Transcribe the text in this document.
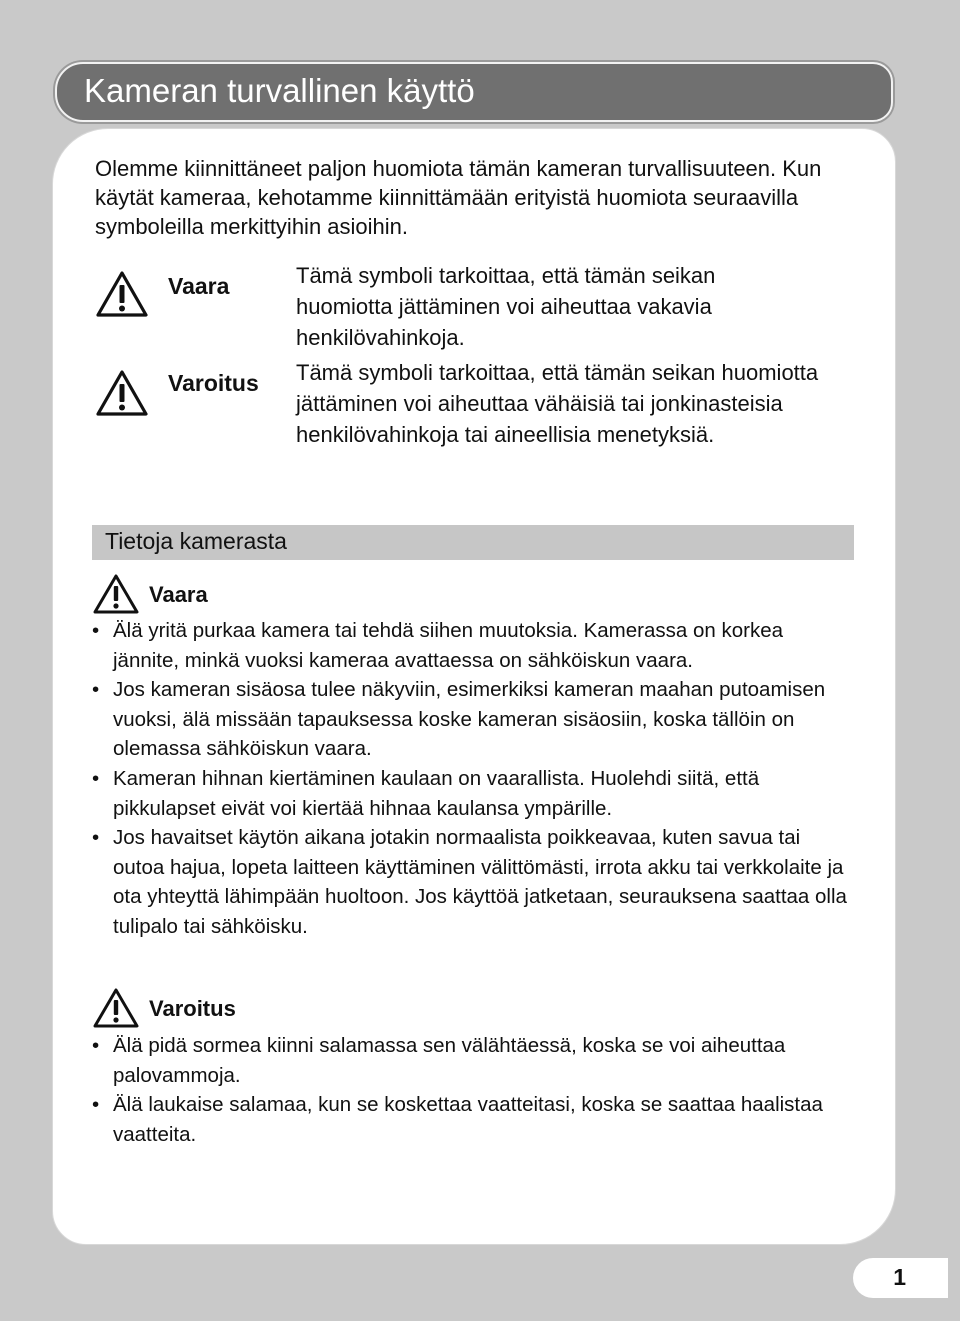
Kameran turvallinen käyttö

Olemme kiinnittäneet paljon huomiota tämän kameran turvallisuuteen. Kun käytät kameraa, kehotamme kiinnittämään erityistä huomiota seuraavilla symboleilla merkittyihin asioihin.

Vaara	Tämä symboli tarkoittaa, että tämän seikan huomiotta jättäminen voi aiheuttaa vakavia henkilövahinkoja.

Varoitus Tämä symboli tarkoittaa, että tämän seikan huomiotta jättäminen voi aiheuttaa vähäisiä tai jonkinasteisia henkilövahinkoja tai aineellisia menetyksiä.

Tietoja kamerasta
Vaara
• Älä yritä purkaa kamera tai tehdä siihen muutoksia. Kamerassa on korkea jännite, minkä vuoksi kameraa avattaessa on sähköiskun vaara.
• Jos kameran sisäosa tulee näkyviin, esimerkiksi kameran maahan putoamisen vuoksi, älä missään tapauksessa koske kameran sisäosiin, koska tällöin on olemassa sähköiskun vaara.
• Kameran hihnan kiertäminen kaulaan on vaarallista. Huolehdi siitä, että pikkulapset eivät voi kiertää hihnaa kaulansa ympärille.
• Jos havaitset käytön aikana jotakin normaalista poikkeavaa, kuten savua tai outoa hajua, lopeta laitteen käyttäminen välittömästi, irrota akku tai verkkolaite ja ota yhteyttä lähimpään huoltoon. Jos käyttöä jatketaan, seurauksena saattaa olla tulipalo tai sähköisku.
Varoitus
• Älä pidä sormea kiinni salamassa sen välähtäessä, koska se voi aiheuttaa palovammoja.
• Älä laukaise salamaa, kun se koskettaa vaatteitasi, koska se saattaa haalistaa vaatteita.
1
